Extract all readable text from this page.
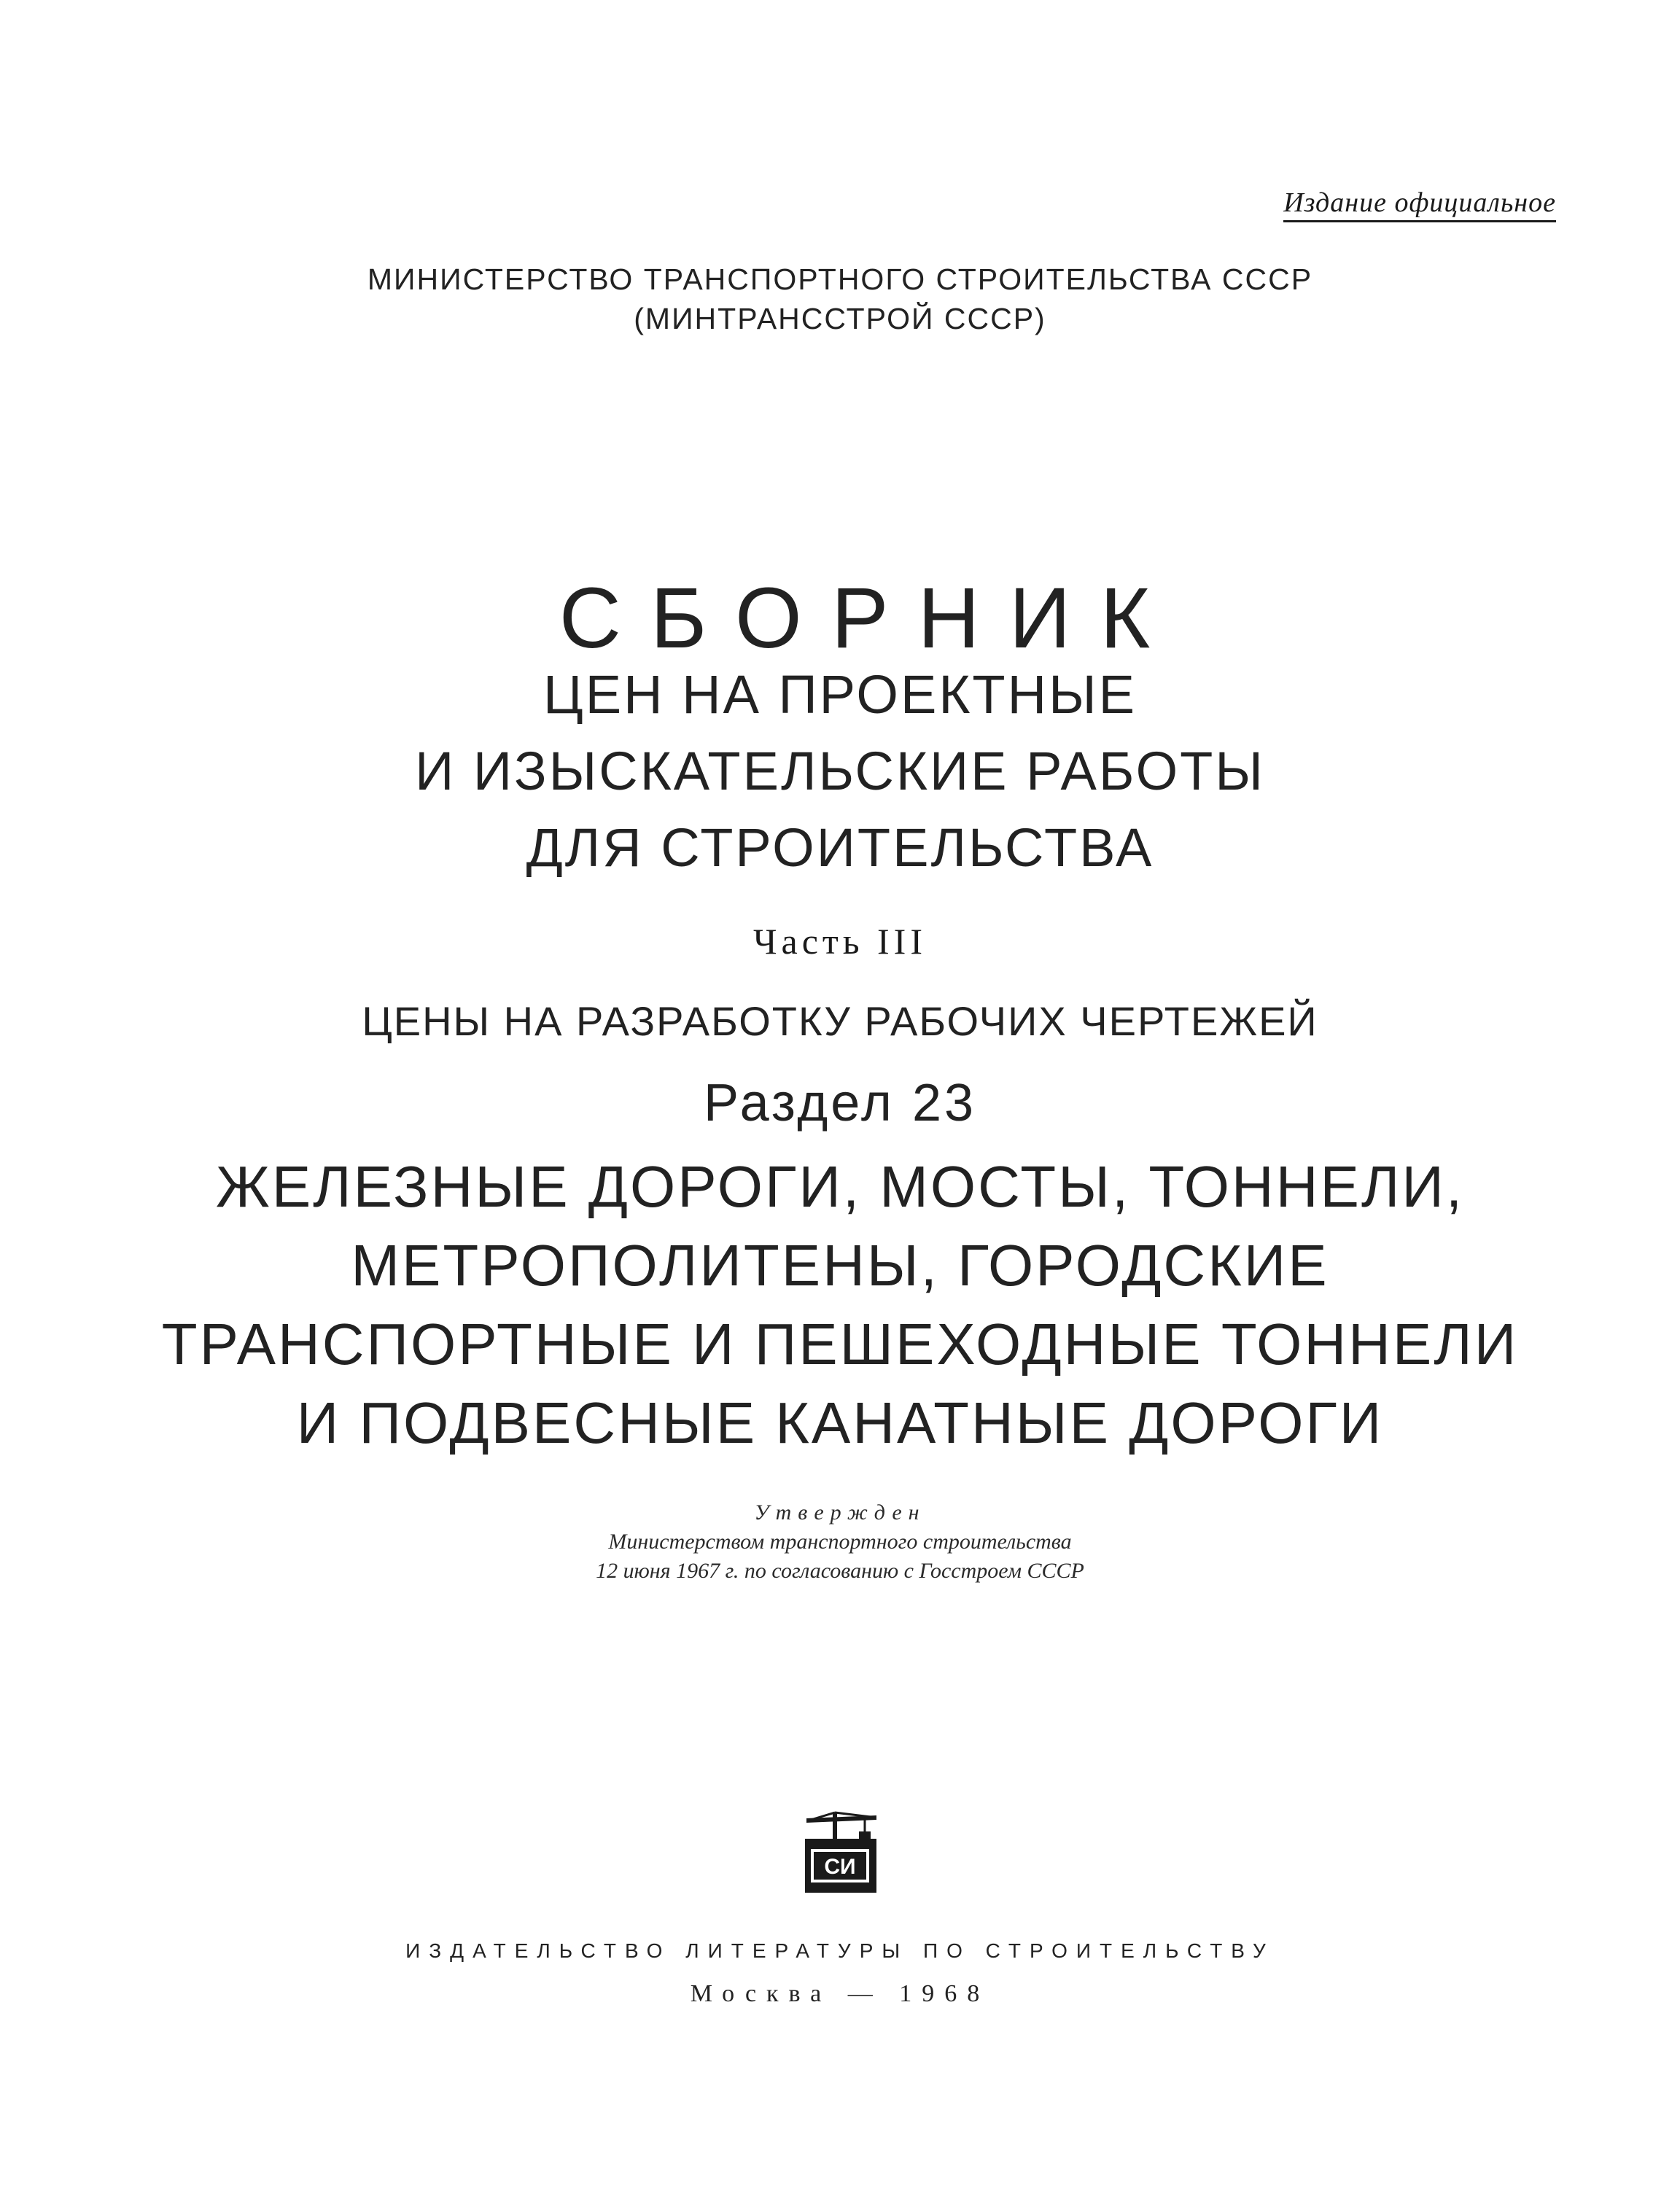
Издание официальное
МИНИСТЕРСТВО ТРАНСПОРТНОГО СТРОИТЕЛЬСТВА СССР
(МИНТРАНССТРОЙ СССР)
СБОРНИК
ЦЕН НА ПРОЕКТНЫЕ
И ИЗЫСКАТЕЛЬСКИЕ РАБОТЫ
ДЛЯ СТРОИТЕЛЬСТВА
Часть III
ЦЕНЫ НА РАЗРАБОТКУ РАБОЧИХ ЧЕРТЕЖЕЙ
Раздел 23
ЖЕЛЕЗНЫЕ ДОРОГИ, МОСТЫ, ТОННЕЛИ,
МЕТРОПОЛИТЕНЫ, ГОРОДСКИЕ
ТРАНСПОРТНЫЕ И ПЕШЕХОДНЫЕ ТОННЕЛИ
И ПОДВЕСНЫЕ КАНАТНЫЕ ДОРОГИ
Утвержден
Министерством транспортного строительства
12 июня 1967 г. по согласованию с Госстроем СССР
СИ
ИЗДАТЕЛЬСТВО ЛИТЕРАТУРЫ ПО СТРОИТЕЛЬСТВУ
Москва — 1968
